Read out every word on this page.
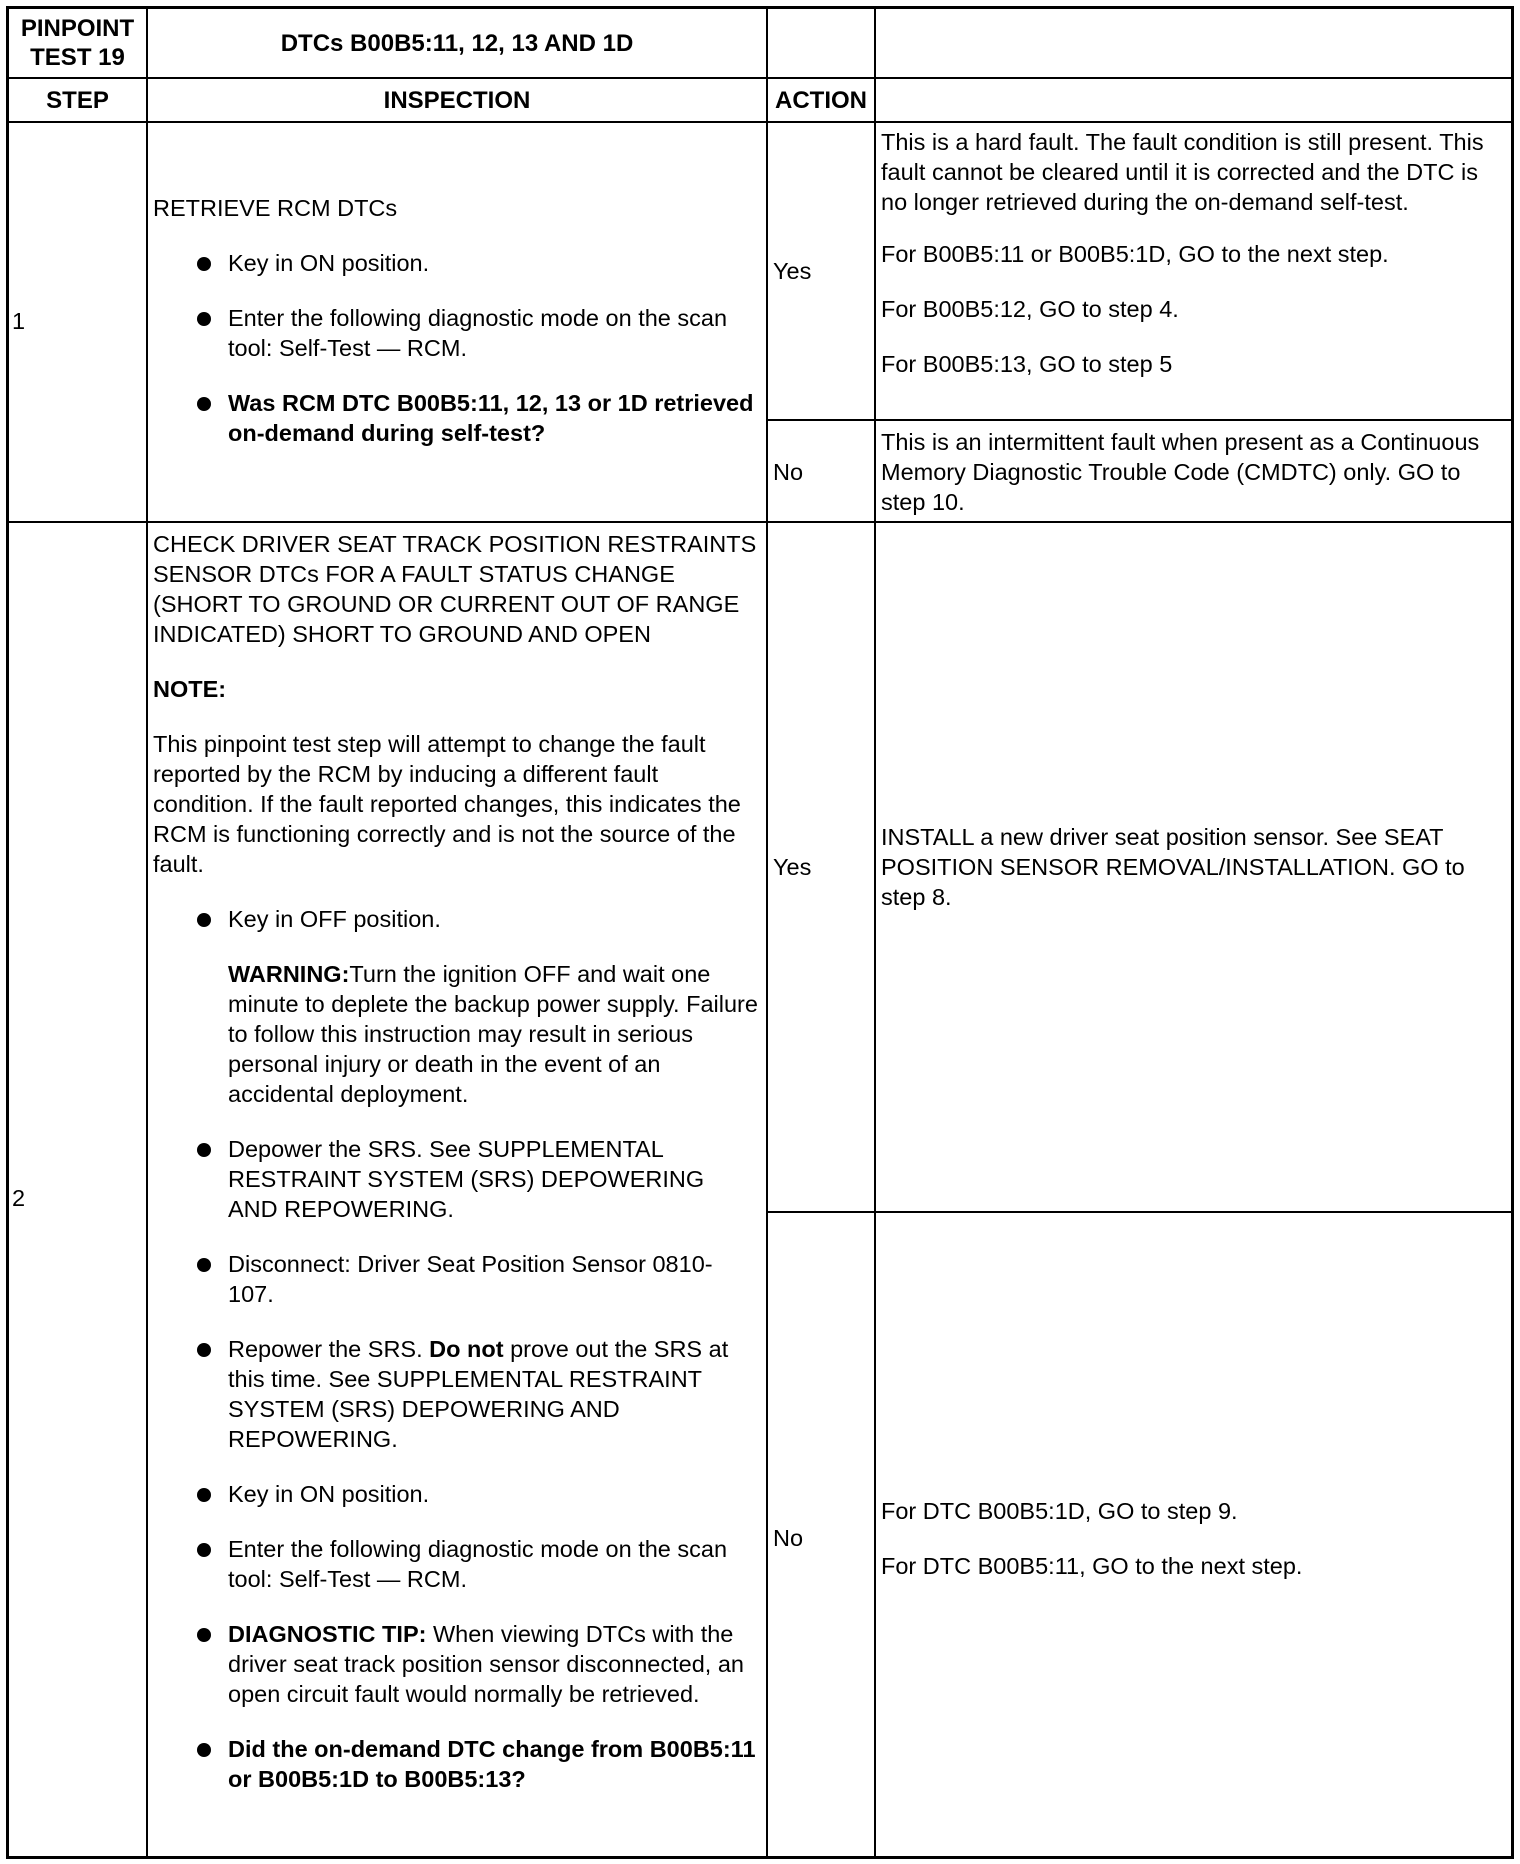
PINPOINT
TEST 19
DTCs B00B5:11, 12, 13 AND 1D
STEP	INSPECTION	ACTION
1

RETRIEVE RCM DTCs

Key in ON position.
Enter the following diagnostic mode on the scan tool: Self-Test — RCM.
Was RCM DTC B00B5:11, 12, 13 or 1D retrieved on-demand during self-test?
Yes

This is a hard fault. The fault condition is still present. This fault cannot be cleared until it is corrected and the DTC is no longer retrieved during the on-demand self-test.

For B00B5:11 or B00B5:1D, GO to the next step.

For B00B5:12, GO to step 4.

For B00B5:13, GO to step 5

No

This is an intermittent fault when present as a Continuous Memory Diagnostic Trouble Code (CMDTC) only. GO to step 10.

2

CHECK DRIVER SEAT TRACK POSITION RESTRAINTS SENSOR DTCs FOR A FAULT STATUS CHANGE (SHORT TO GROUND OR CURRENT OUT OF RANGE INDICATED) SHORT TO GROUND AND OPEN

NOTE:

This pinpoint test step will attempt to change the fault reported by the RCM by inducing a different fault condition. If the fault reported changes, this indicates the RCM is functioning correctly and is not the source of the fault.

Key in OFF position.

WARNING:Turn the ignition OFF and wait one minute to deplete the backup power supply. Failure to follow this instruction may result in serious personal injury or death in the event of an accidental deployment.

Depower the SRS. See SUPPLEMENTAL RESTRAINT SYSTEM (SRS) DEPOWERING AND REPOWERING.
Disconnect: Driver Seat Position Sensor 0810-107.
Repower the SRS. Do not prove out the SRS at this time. See SUPPLEMENTAL RESTRAINT SYSTEM (SRS) DEPOWERING AND REPOWERING.
Key in ON position.
Enter the following diagnostic mode on the scan tool: Self-Test — RCM.
DIAGNOSTIC TIP: When viewing DTCs with the driver seat track position sensor disconnected, an open circuit fault would normally be retrieved.
Did the on-demand DTC change from B00B5:11 or B00B5:1D to B00B5:13?
Yes

INSTALL a new driver seat position sensor. See SEAT POSITION SENSOR REMOVAL/INSTALLATION. GO to step 8.

No

For DTC B00B5:1D, GO to step 9.

For DTC B00B5:11, GO to the next step.
